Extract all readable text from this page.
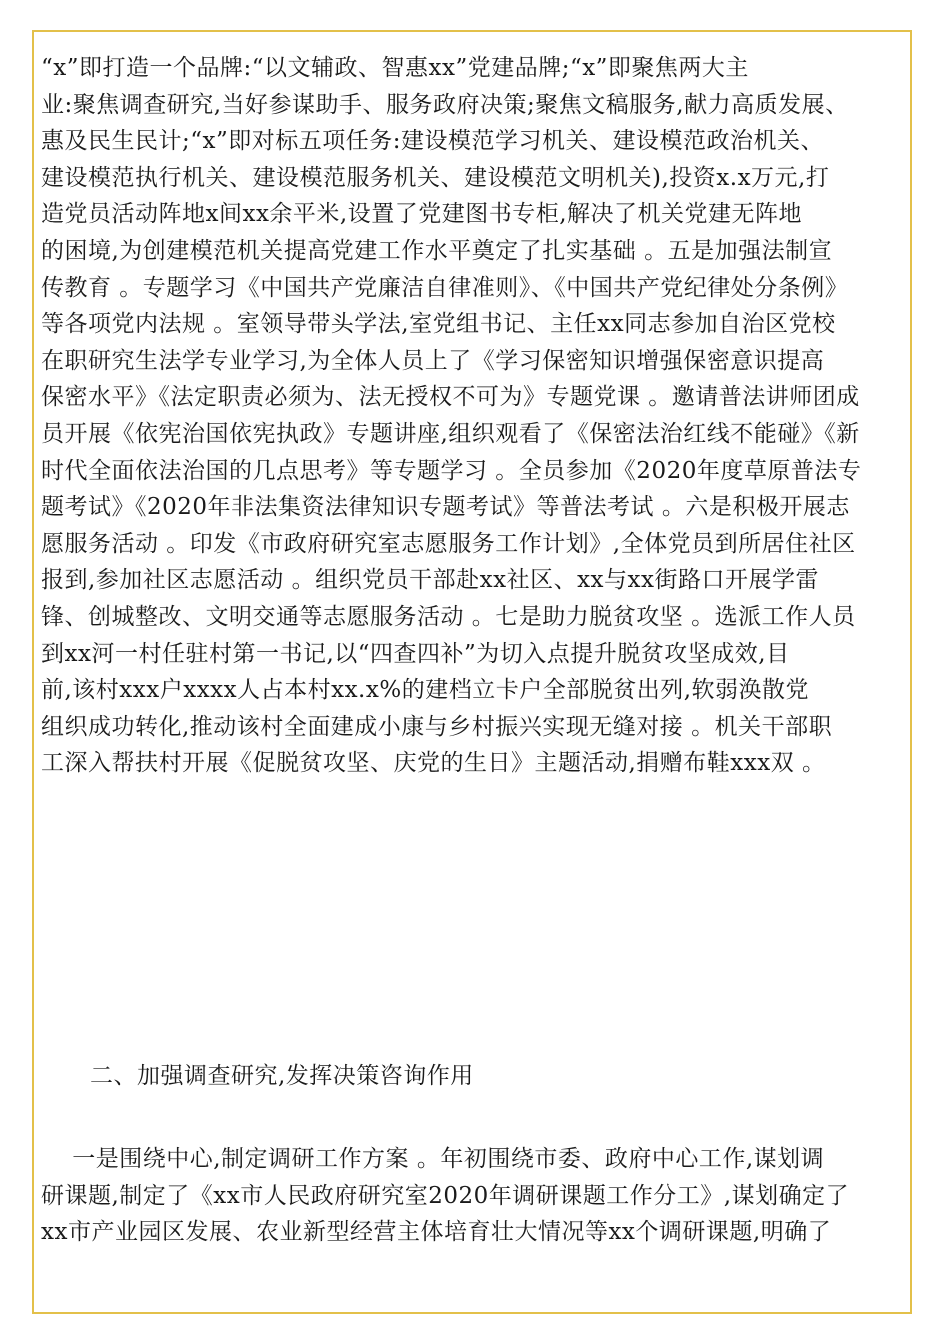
“x”即打造一个品牌:“以文辅政、智惠xx”党建品牌;“x”即聚焦两大主
业:聚焦调查研究,当好参谋助手、服务政府决策;聚焦文稿服务,献力高质发展、
惠及民生民计;“x”即对标五项任务:建设模范学习机关、建设模范政治机关、
建设模范执行机关、建设模范服务机关、建设模范文明机关),投资x.x万元,打
造党员活动阵地x间xx余平米,设置了党建图书专柜,解决了机关党建无阵地
的困境,为创建模范机关提高党建工作水平奠定了扎实基础 。五是加强法制宣
传教育 。专题学习《中国共产党廉洁自律准则》、《中国共产党纪律处分条例》
等各项党内法规 。室领导带头学法,室党组书记、主任xx同志参加自治区党校
在职研究生法学专业学习,为全体人员上了《学习保密知识增强保密意识提高
保密水平》《法定职责必须为、法无授权不可为》专题党课 。邀请普法讲师团成
员开展《依宪治国依宪执政》专题讲座,组织观看了《保密法治红线不能碰》《新
时代全面依法治国的几点思考》等专题学习 。全员参加《2020年度草原普法专
题考试》《2020年非法集资法律知识专题考试》等普法考试 。六是积极开展志
愿服务活动 。印发《市政府研究室志愿服务工作计划》,全体党员到所居住社区
报到,参加社区志愿活动 。组织党员干部赴xx社区、xx与xx街路口开展学雷
锋、创城整改、文明交通等志愿服务活动 。七是助力脱贫攻坚 。选派工作人员
到xx河一村任驻村第一书记,以“四查四补”为切入点提升脱贫攻坚成效,目
前,该村xxx户xxxx人占本村xx.x%的建档立卡户全部脱贫出列,软弱涣散党
组织成功转化,推动该村全面建成小康与乡村振兴实现无缝对接 。机关干部职
工深入帮扶村开展《促脱贫攻坚、庆党的生日》主题活动,捐赠布鞋xxx双 。
二、加强调查研究,发挥决策咨询作用
一是围绕中心,制定调研工作方案 。年初围绕市委、政府中心工作,谋划调
研课题,制定了《xx市人民政府研究室2020年调研课题工作分工》,谋划确定了
xx市产业园区发展、农业新型经营主体培育壮大情况等xx个调研课题,明确了
